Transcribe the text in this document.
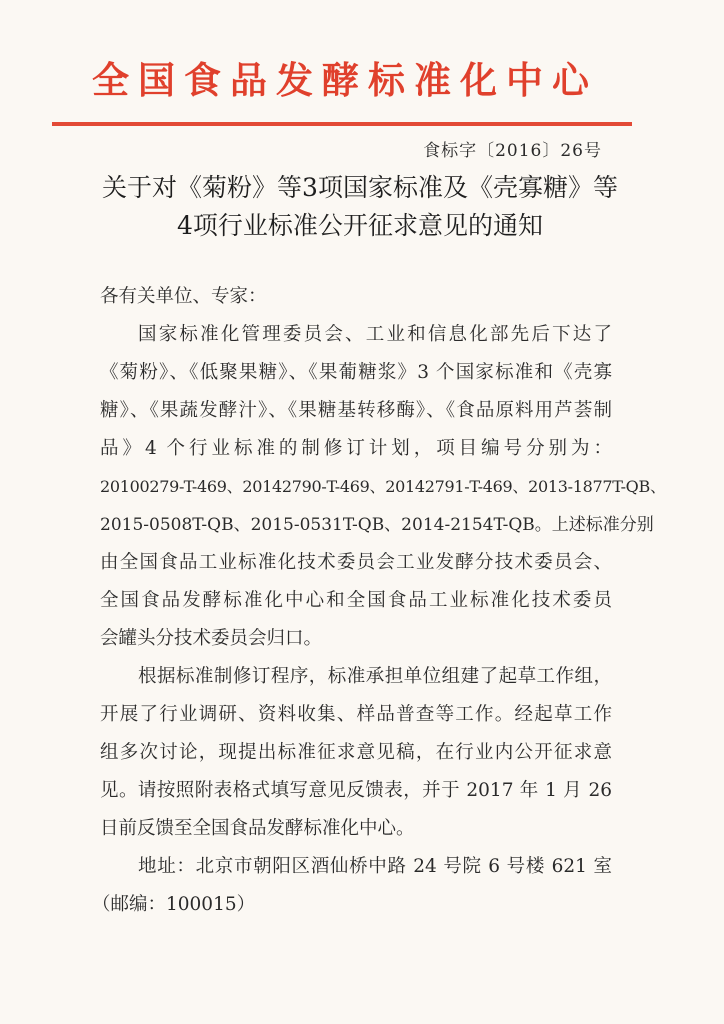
全国食品发酵标准化中心
食标字〔2016〕26号
关于对《菊粉》等3项国家标准及《壳寡糖》等
4项行业标准公开征求意见的通知
各有关单位、专家：
国家标准化管理委员会、工业和信息化部先后下达了
《菊粉》、《低聚果糖》、《果葡糖浆》3 个国家标准和《壳寡
糖》、《果蔬发酵汁》、《果糖基转移酶》、《食品原料用芦荟制
品》4 个行业标准的制修订计划，项目编号分别为：
20100279-T-469、20142790-T-469、20142791-T-469、2013-1877T-QB、
2015-0508T-QB、2015-0531T-QB、2014-2154T-QB。上述标准分别
由全国食品工业标准化技术委员会工业发酵分技术委员会、
全国食品发酵标准化中心和全国食品工业标准化技术委员
会罐头分技术委员会归口。
根据标准制修订程序，标准承担单位组建了起草工作组，
开展了行业调研、资料收集、样品普查等工作。经起草工作
组多次讨论，现提出标准征求意见稿，在行业内公开征求意
见。请按照附表格式填写意见反馈表，并于 2017 年 1 月 26
日前反馈至全国食品发酵标准化中心。
地址：北京市朝阳区酒仙桥中路 24 号院 6 号楼 621 室
（邮编：100015）
